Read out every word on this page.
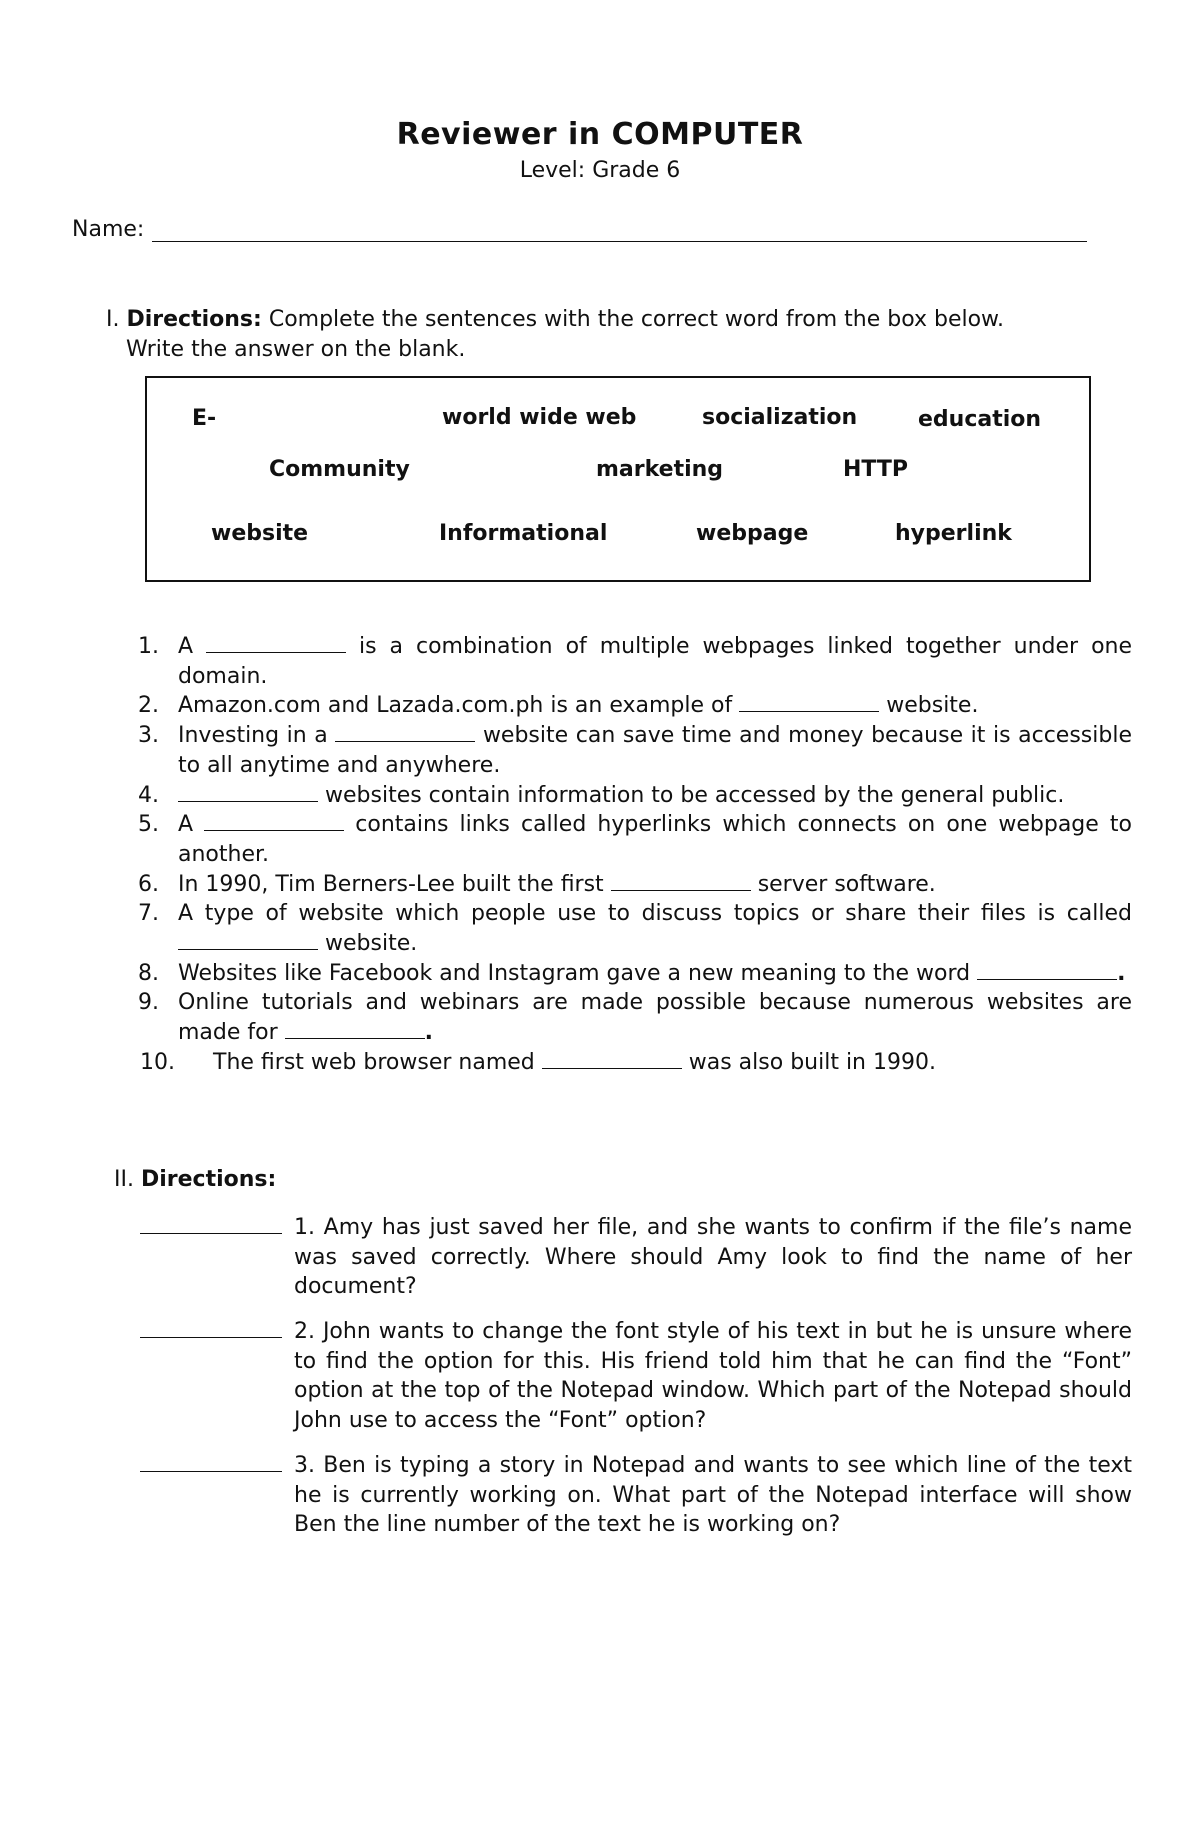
Reviewer in COMPUTER
Level: Grade 6
Name:
I. Directions: Complete the sentences with the correct word from the box below.
Write the answer on the blank.
E-	world wide web	socialization	education
Community	marketing	HTTP
website	Informational	webpage	hyperlink
1. A	is a combination of multiple webpages linked together under one domain.
2. Amazon.com and Lazada.com.ph is an example of	website.
3. Investing in a	website can save time and money because it is accessible to all anytime and anywhere.
4.	websites contain information to be accessed by the general public.
5. A	contains links called hyperlinks which connects on one webpage to another.
6. In 1990, Tim Berners-Lee built the first	server software.
7. A type of website which people use to discuss topics or share their files is called  website.
8. Websites like Facebook and Instagram gave a new meaning to the word	.
9. Online tutorials and webinars are made possible because numerous websites are made for	.
10. The first web browser named	was also built in 1990.
II. Directions:
1. Amy has just saved her file, and she wants to confirm if the file’s name was saved correctly. Where should Amy look to find the name of her document?
2. John wants to change the font style of his text in but he is unsure where to find the option for this. His friend told him that he can find the “Font” option at the top of the Notepad window. Which part of the Notepad should John use to access the “Font” option?
3. Ben is typing a story in Notepad and wants to see which line of the text he is currently working on. What part of the Notepad interface will show Ben the line number of the text he is working on?
